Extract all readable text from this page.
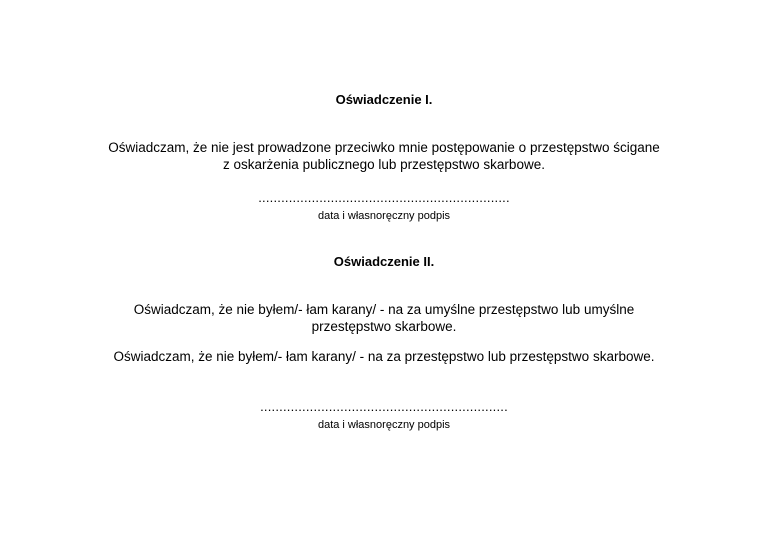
Oświadczenie I.
Oświadczam, że nie jest prowadzone przeciwko mnie postępowanie o przestępstwo ścigane
z oskarżenia publicznego lub przestępstwo skarbowe.
..................................................................
data i własnoręczny podpis
Oświadczenie II.
Oświadczam, że nie byłem/- łam karany/ - na za umyślne przestępstwo lub umyślne
przestępstwo skarbowe.
Oświadczam, że nie byłem/- łam karany/ - na za przestępstwo lub przestępstwo skarbowe.
.................................................................
data i własnoręczny podpis
